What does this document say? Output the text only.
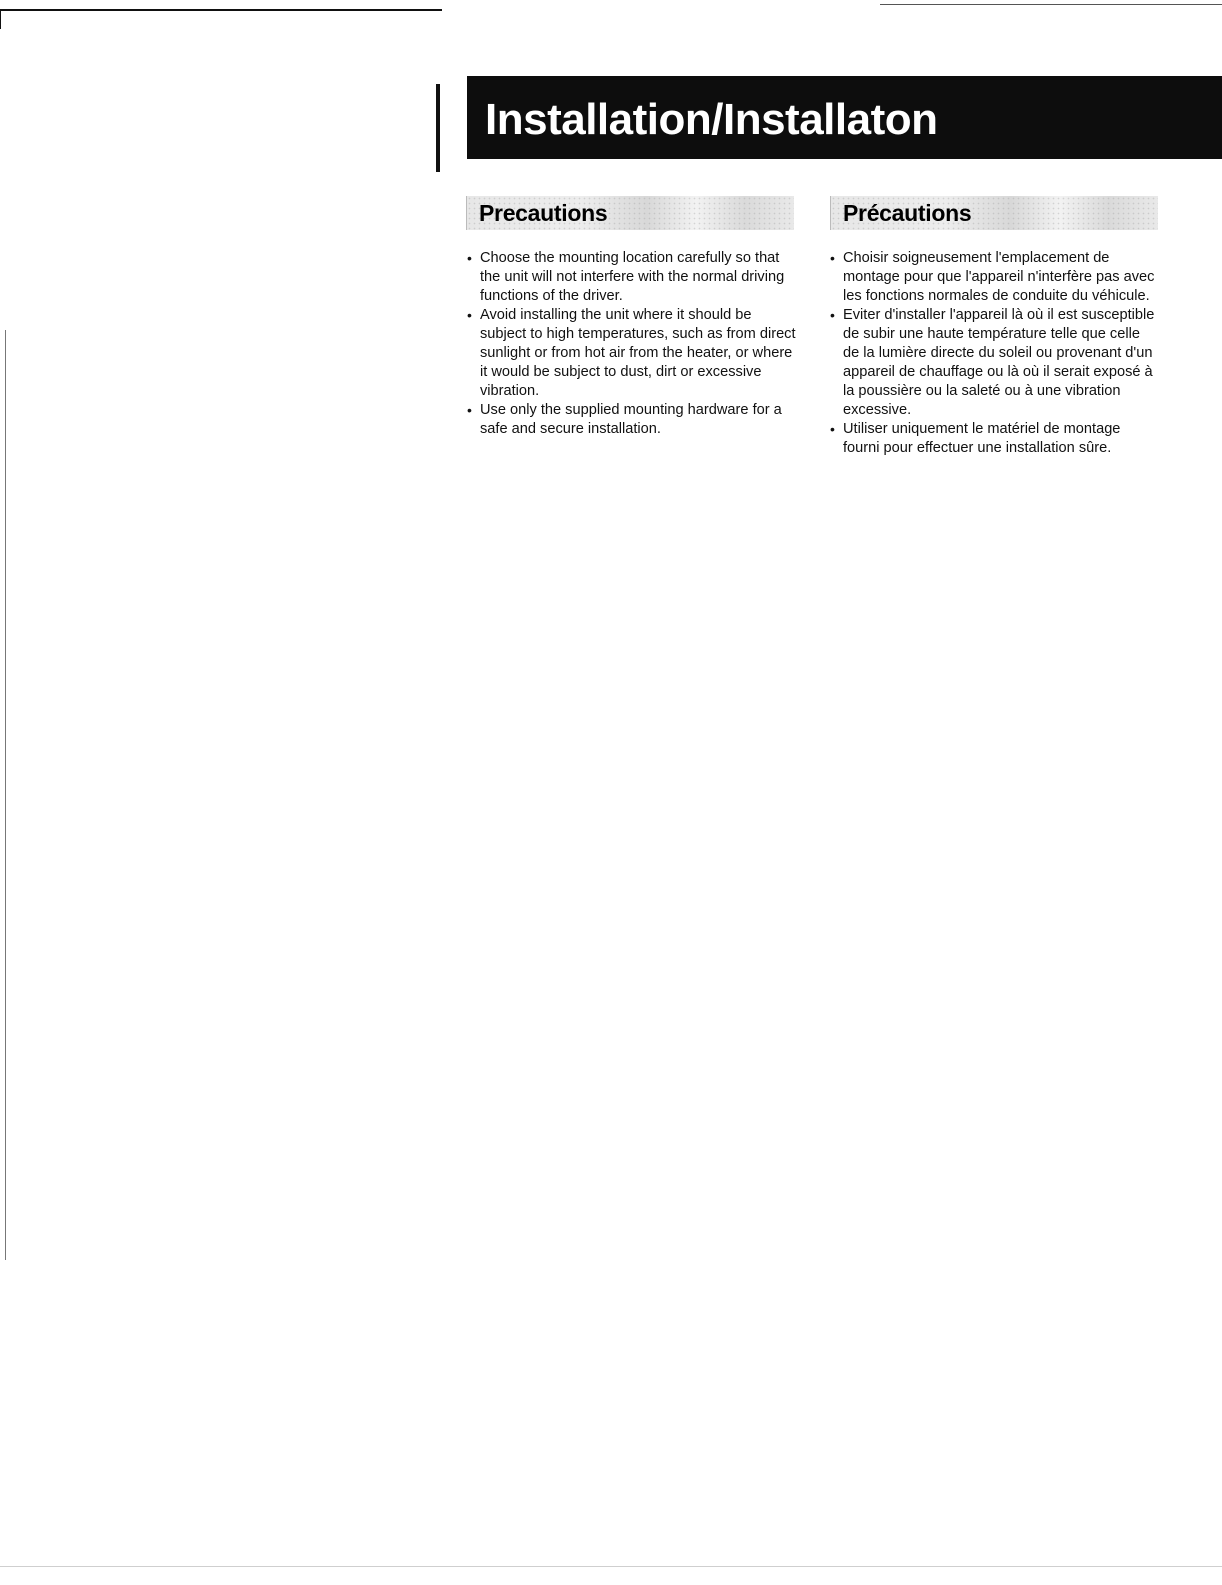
Installation/Installaton
Precautions
• Choose the mounting location carefully so that the unit will not interfere with the normal driving functions of the driver.
• Avoid installing the unit where it should be subject to high temperatures, such as from direct sunlight or from hot air from the heater, or where it would be subject to dust, dirt or excessive vibration.
• Use only the supplied mounting hardware for a safe and secure installation.
Précautions
• Choisir soigneusement l'emplacement de montage pour que l'appareil n'interfère pas avec les fonctions normales de conduite du véhicule.
• Eviter d'installer l'appareil là où il est susceptible de subir une haute température telle que celle de la lumière directe du soleil ou provenant d'un appareil de chauffage ou là où il serait exposé à la poussière ou la saleté ou à une vibration excessive.
• Utiliser uniquement le matériel de montage fourni pour effectuer une installation sûre.
